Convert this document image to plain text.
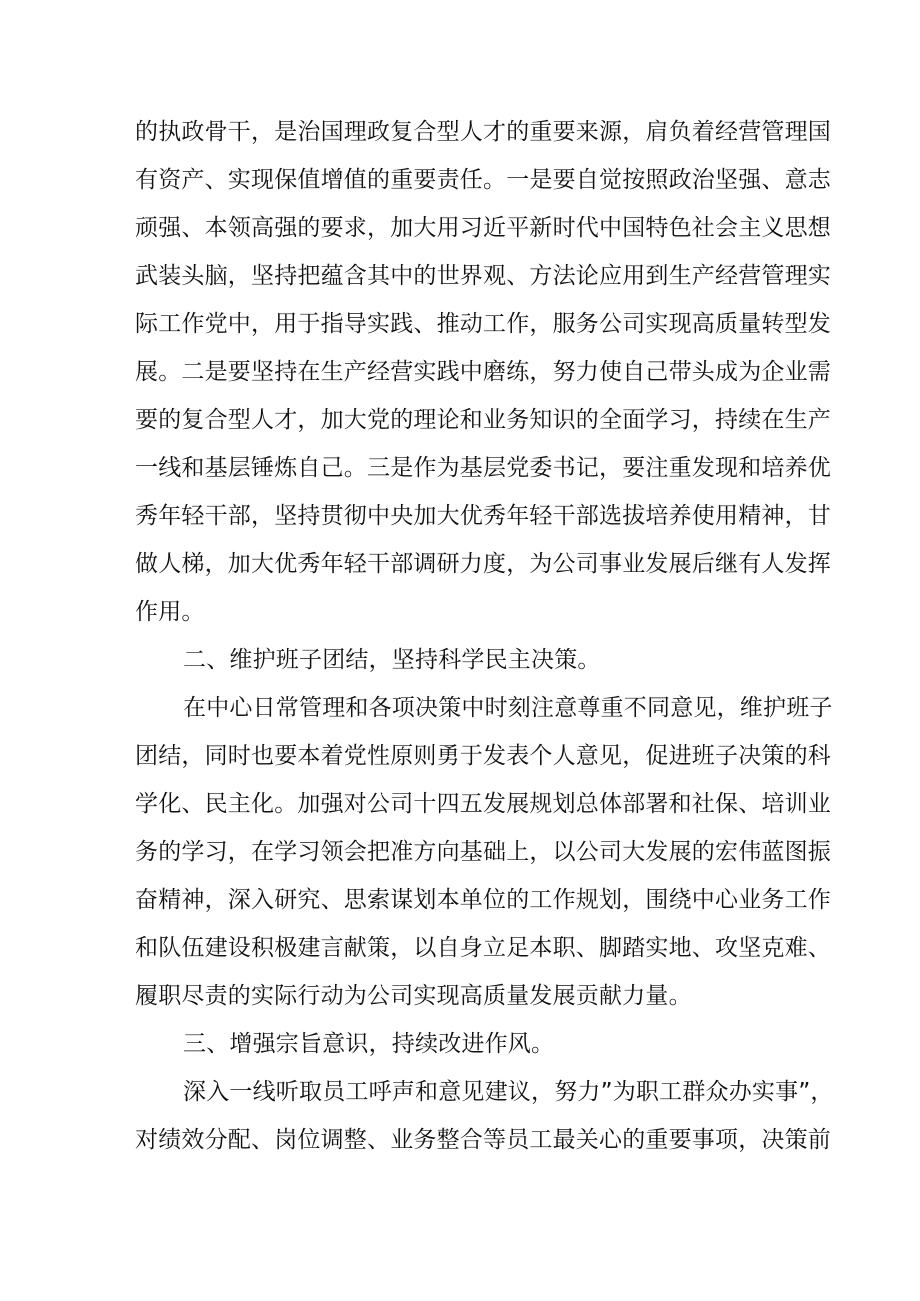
的执政骨干，是治国理政复合型人才的重要来源，肩负着经营管理国
有资产、实现保值增值的重要责任。一是要自觉按照政治坚强、意志
顽强、本领高强的要求，加大用习近平新时代中国特色社会主义思想
武装头脑，坚持把蕴含其中的世界观、方法论应用到生产经营管理实
际工作党中，用于指导实践、推动工作，服务公司实现高质量转型发
展。二是要坚持在生产经营实践中磨练，努力使自己带头成为企业需
要的复合型人才，加大党的理论和业务知识的全面学习，持续在生产
一线和基层锤炼自己。三是作为基层党委书记，要注重发现和培养优
秀年轻干部，坚持贯彻中央加大优秀年轻干部选拔培养使用精神，甘
做人梯，加大优秀年轻干部调研力度，为公司事业发展后继有人发挥
作用。
二、维护班子团结，坚持科学民主决策。
在中心日常管理和各项决策中时刻注意尊重不同意见，维护班子
团结，同时也要本着党性原则勇于发表个人意见，促进班子决策的科
学化、民主化。加强对公司十四五发展规划总体部署和社保、培训业
务的学习，在学习领会把准方向基础上，以公司大发展的宏伟蓝图振
奋精神，深入研究、思索谋划本单位的工作规划，围绕中心业务工作
和队伍建设积极建言献策，以自身立足本职、脚踏实地、攻坚克难、
履职尽责的实际行动为公司实现高质量发展贡献力量。
三、增强宗旨意识，持续改进作风。
深入一线听取员工呼声和意见建议，努力”为职工群众办实事”，
对绩效分配、岗位调整、业务整合等员工最关心的重要事项，决策前
